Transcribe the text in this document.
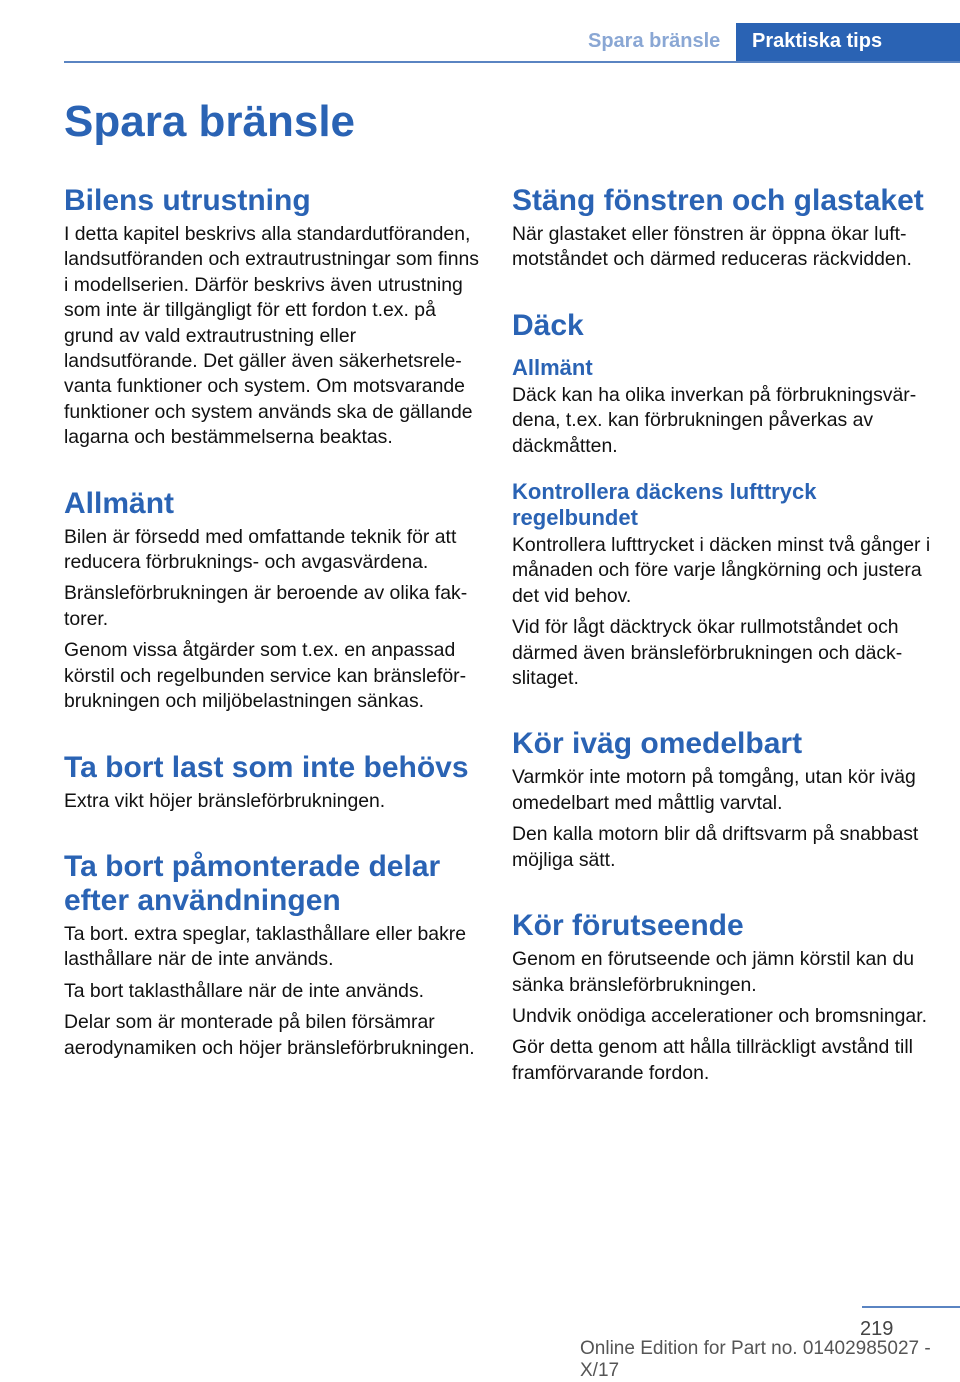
Spara bränsle	Praktiska tips
Spara bränsle
Bilens utrustning

I detta kapitel beskrivs alla standardutföranden, landsutföranden och extrautrustningar som finns i modellserien. Därför beskrivs även utrustning som inte är tillgängligt för ett fordon t.ex. på grund av vald extrautrustning eller landsutförande. Det gäller även säkerhetsrelevanta funktioner och system. Om motsvarande funktioner och system används ska de gällande lagarna och bestämmelserna beaktas.

Allmänt

Bilen är försedd med omfattande teknik för att reducera förbruknings- och avgasvärdena.

Bränsleförbrukningen är beroende av olika faktorer.

Genom vissa åtgärder som t.ex. en anpassad körstil och regelbunden service kan bränsleförbrukningen och miljöbelastningen sänkas.

Ta bort last som inte behövs

Extra vikt höjer bränsleförbrukningen.

Ta bort påmonterade delar efter användningen

Ta bort. extra speglar, taklasthållare eller bakre lasthållare när de inte används.

Ta bort taklasthållare när de inte används.

Delar som är monterade på bilen försämrar aerodynamiken och höjer bränsleförbrukningen.

Stäng fönstren och glastaket

När glastaket eller fönstren är öppna ökar luftmotståndet och därmed reduceras räckvidden.

Däck
Allmänt

Däck kan ha olika inverkan på förbrukningsvärdena, t.ex. kan förbrukningen påverkas av däckmåtten.

Kontrollera däckens lufttryck regelbundet

Kontrollera lufttrycket i däcken minst två gånger i månaden och före varje långkörning och justera det vid behov.

Vid för lågt däcktryck ökar rullmotståndet och därmed även bränsleförbrukningen och däckslitaget.

Kör iväg omedelbart

Varmkör inte motorn på tomgång, utan kör iväg omedelbart med måttlig varvtal.

Den kalla motorn blir då driftsvarm på snabbast möjliga sätt.

Kör förutseende

Genom en förutseende och jämn körstil kan du sänka bränsleförbrukningen.

Undvik onödiga accelerationer och bromsningar.

Gör detta genom att hålla tillräckligt avstånd till framförvarande fordon.

219
Online Edition for Part no. 01402985027 - X/17
